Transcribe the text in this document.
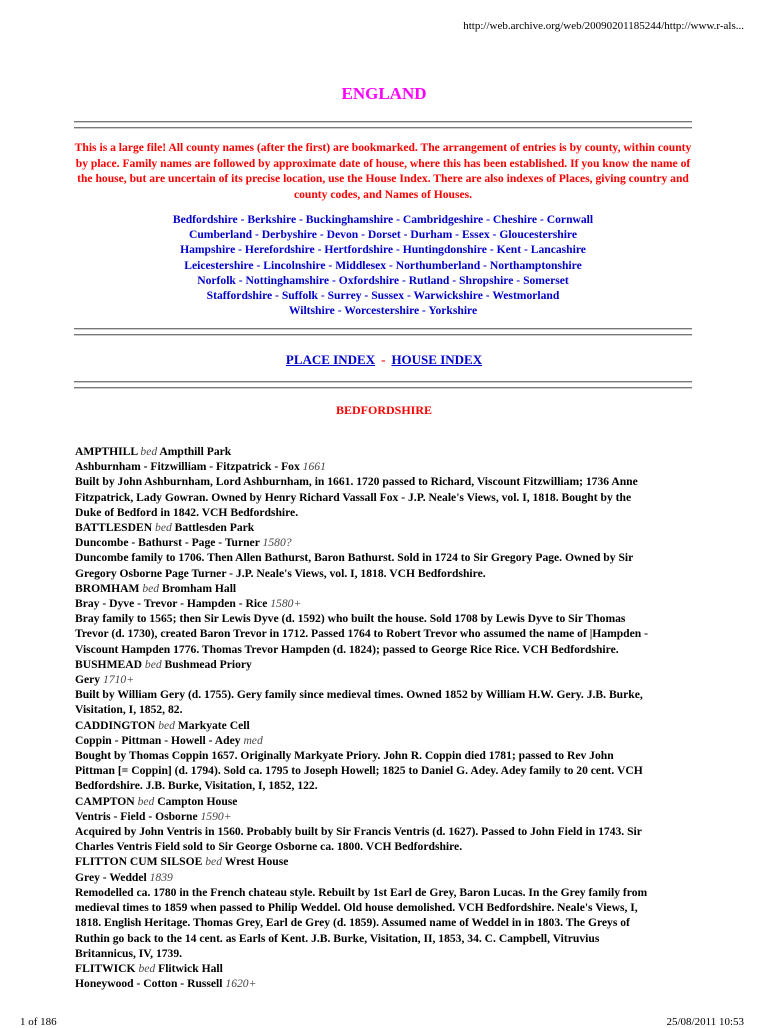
http://web.archive.org/web/20090201185244/http://www.r-als...
ENGLAND
This is a large file! All county names (after the first) are bookmarked. The arrangement of entries is by county, within county by place. Family names are followed by approximate date of house, where this has been established. If you know the name of the house, but are uncertain of its precise location, use the House Index. There are also indexes of Places, giving country and county codes, and Names of Houses.
Bedfordshire - Berkshire - Buckinghamshire - Cambridgeshire - Cheshire - Cornwall
Cumberland - Derbyshire - Devon - Dorset - Durham - Essex - Gloucestershire
Hampshire - Herefordshire - Hertfordshire - Huntingdonshire - Kent - Lancashire
Leicestershire - Lincolnshire - Middlesex - Northumberland - Northamptonshire
Norfolk - Nottinghamshire - Oxfordshire - Rutland - Shropshire - Somerset
Staffordshire - Suffolk - Surrey - Sussex - Warwickshire - Westmorland
Wiltshire - Worcestershire - Yorkshire
PLACE INDEX - HOUSE INDEX
BEDFORDSHIRE
AMPTHILL bed Ampthill Park
Ashburnham - Fitzwilliam - Fitzpatrick - Fox 1661
Built by John Ashburnham, Lord Ashburnham, in 1661. 1720 passed to Richard, Viscount Fitzwilliam; 1736 Anne
Fitzpatrick, Lady Gowran. Owned by Henry Richard Vassall Fox - J.P. Neale's Views, vol. I, 1818. Bought by the
Duke of Bedford in 1842. VCH Bedfordshire.
BATTLESDEN bed Battlesden Park
Duncombe - Bathurst - Page - Turner 1580?
Duncombe family to 1706. Then Allen Bathurst, Baron Bathurst. Sold in 1724 to Sir Gregory Page. Owned by Sir
Gregory Osborne Page Turner - J.P. Neale's Views, vol. I, 1818. VCH Bedfordshire.
BROMHAM bed Bromham Hall
Bray - Dyve - Trevor - Hampden - Rice 1580+
Bray family to 1565; then Sir Lewis Dyve (d. 1592) who built the house. Sold 1708 by Lewis Dyve to Sir Thomas
Trevor (d. 1730), created Baron Trevor in 1712. Passed 1764 to Robert Trevor who assumed the name of |Hampden -
Viscount Hampden 1776. Thomas Trevor Hampden (d. 1824); passed to George Rice Rice. VCH Bedfordshire.
BUSHMEAD bed Bushmead Priory
Gery 1710+
Built by William Gery (d. 1755). Gery family since medieval times. Owned 1852 by William H.W. Gery. J.B. Burke,
Visitation, I, 1852, 82.
CADDINGTON bed Markyate Cell
Coppin - Pittman - Howell - Adey med
Bought by Thomas Coppin 1657. Originally Markyate Priory. John R. Coppin died 1781; passed to Rev John
Pittman [= Coppin] (d. 1794). Sold ca. 1795 to Joseph Howell; 1825 to Daniel G. Adey. Adey family to 20 cent. VCH
Bedfordshire. J.B. Burke, Visitation, I, 1852, 122.
CAMPTON bed Campton House
Ventris - Field - Osborne 1590+
Acquired by John Ventris in 1560. Probably built by Sir Francis Ventris (d. 1627). Passed to John Field in 1743. Sir
Charles Ventris Field sold to Sir George Osborne ca. 1800. VCH Bedfordshire.
FLITTON CUM SILSOE bed Wrest House
Grey - Weddel 1839
Remodelled ca. 1780 in the French chateau style. Rebuilt by 1st Earl de Grey, Baron Lucas. In the Grey family from
medieval times to 1859 when passed to Philip Weddel. Old house demolished. VCH Bedfordshire. Neale's Views, I,
1818. English Heritage. Thomas Grey, Earl de Grey (d. 1859). Assumed name of Weddel in in 1803. The Greys of
Ruthin go back to the 14 cent. as Earls of Kent. J.B. Burke, Visitation, II, 1853, 34. C. Campbell, Vitruvius
Britannicus, IV, 1739.
FLITWICK bed Flitwick Hall
Honeywood - Cotton - Russell 1620+
1 of 186	25/08/2011 10:53
